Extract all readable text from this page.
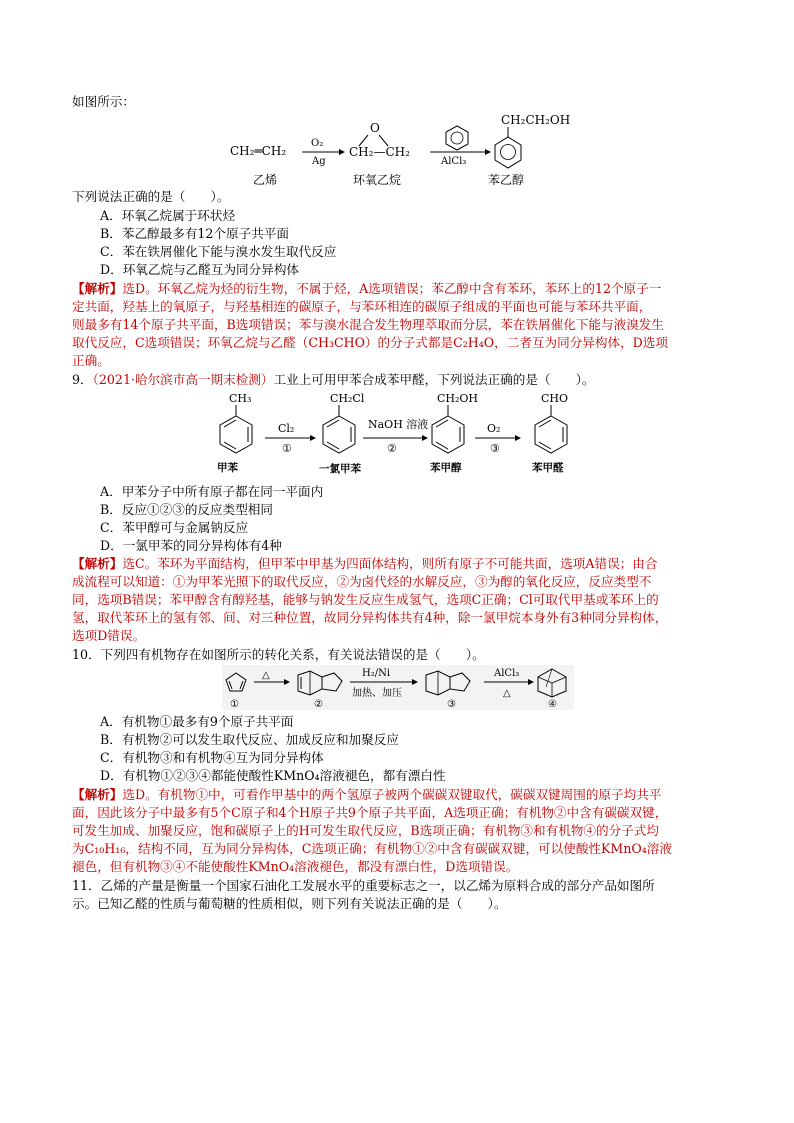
如图所示：
CH₂═CH₂
O₂
Ag
O
CH₂—CH₂
AlCl₃
CH₂CH₂OH
乙烯	环氧乙烷	苯乙醇
下列说法正确的是（　　）。
A．环氧乙烷属于环状烃
B．苯乙醇最多有12个原子共平面
C．苯在铁屑催化下能与溴水发生取代反应
D．环氧乙烷与乙醛互为同分异构体
【解析】选D。环氧乙烷为烃的衍生物，不属于烃，A选项错误；苯乙醇中含有苯环，苯环上的12个原子一
定共面，羟基上的氧原子，与羟基相连的碳原子，与苯环相连的碳原子组成的平面也可能与苯环共平面，
则最多有14个原子共平面，B选项错误；苯与溴水混合发生物理萃取而分层，苯在铁屑催化下能与液溴发生
取代反应，C选项错误；环氧乙烷与乙醛（CH₃CHO）的分子式都是C₂H₄O，二者互为同分异构体，D选项
正确。
9．（2021·哈尔滨市高一期末检测）工业上可用甲苯合成苯甲醛，下列说法正确的是（　　）。
CH₃
Cl₂
①
CH₂Cl
NaOH 溶液
②
CH₂OH
O₂
③
CHO
甲苯	一氯甲苯	苯甲醇	苯甲醛
A．甲苯分子中所有原子都在同一平面内
B．反应①②③的反应类型相同
C．苯甲醇可与金属钠反应
D．一氯甲苯的同分异构体有4种
【解析】选C。苯环为平面结构，但甲苯中甲基为四面体结构，则所有原子不可能共面，选项A错误；由合
成流程可以知道：①为甲苯光照下的取代反应，②为卤代烃的水解反应，③为醇的氧化反应，反应类型不
同，选项B错误；苯甲醇含有醇羟基，能够与钠发生反应生成氢气，选项C正确；Cl可取代甲基或苯环上的
氢，取代苯环上的氢有邻、间、对三种位置，故同分异构体共有4种，除一氯甲烷本身外有3种同分异构体，
选项D错误。
10．下列四有机物存在如图所示的转化关系，有关说法错误的是（　　）。
△	H₂/Ni
加热、加压
AlCl₃
△
①	②	③	④
A．有机物①最多有9个原子共平面
B．有机物②可以发生取代反应、加成反应和加聚反应
C．有机物③和有机物④互为同分异构体
D．有机物①②③④都能使酸性KMnO₄溶液褪色，都有漂白性
【解析】选D。有机物①中，可看作甲基中的两个氢原子被两个碳碳双键取代，碳碳双键周围的原子均共平
面，因此该分子中最多有5个C原子和4个H原子共9个原子共平面，A选项正确；有机物②中含有碳碳双键，
可发生加成、加聚反应，饱和碳原子上的H可发生取代反应，B选项正确；有机物③和有机物④的分子式均
为C₁₀H₁₆，结构不同，互为同分异构体，C选项正确；有机物①②中含有碳碳双键，可以使酸性KMnO₄溶液
褪色，但有机物③④不能使酸性KMnO₄溶液褪色，都没有漂白性，D选项错误。
11．乙烯的产量是衡量一个国家石油化工发展水平的重要标志之一，以乙烯为原料合成的部分产品如图所
示。已知乙醛的性质与葡萄糖的性质相似，则下列有关说法正确的是（　　）。
